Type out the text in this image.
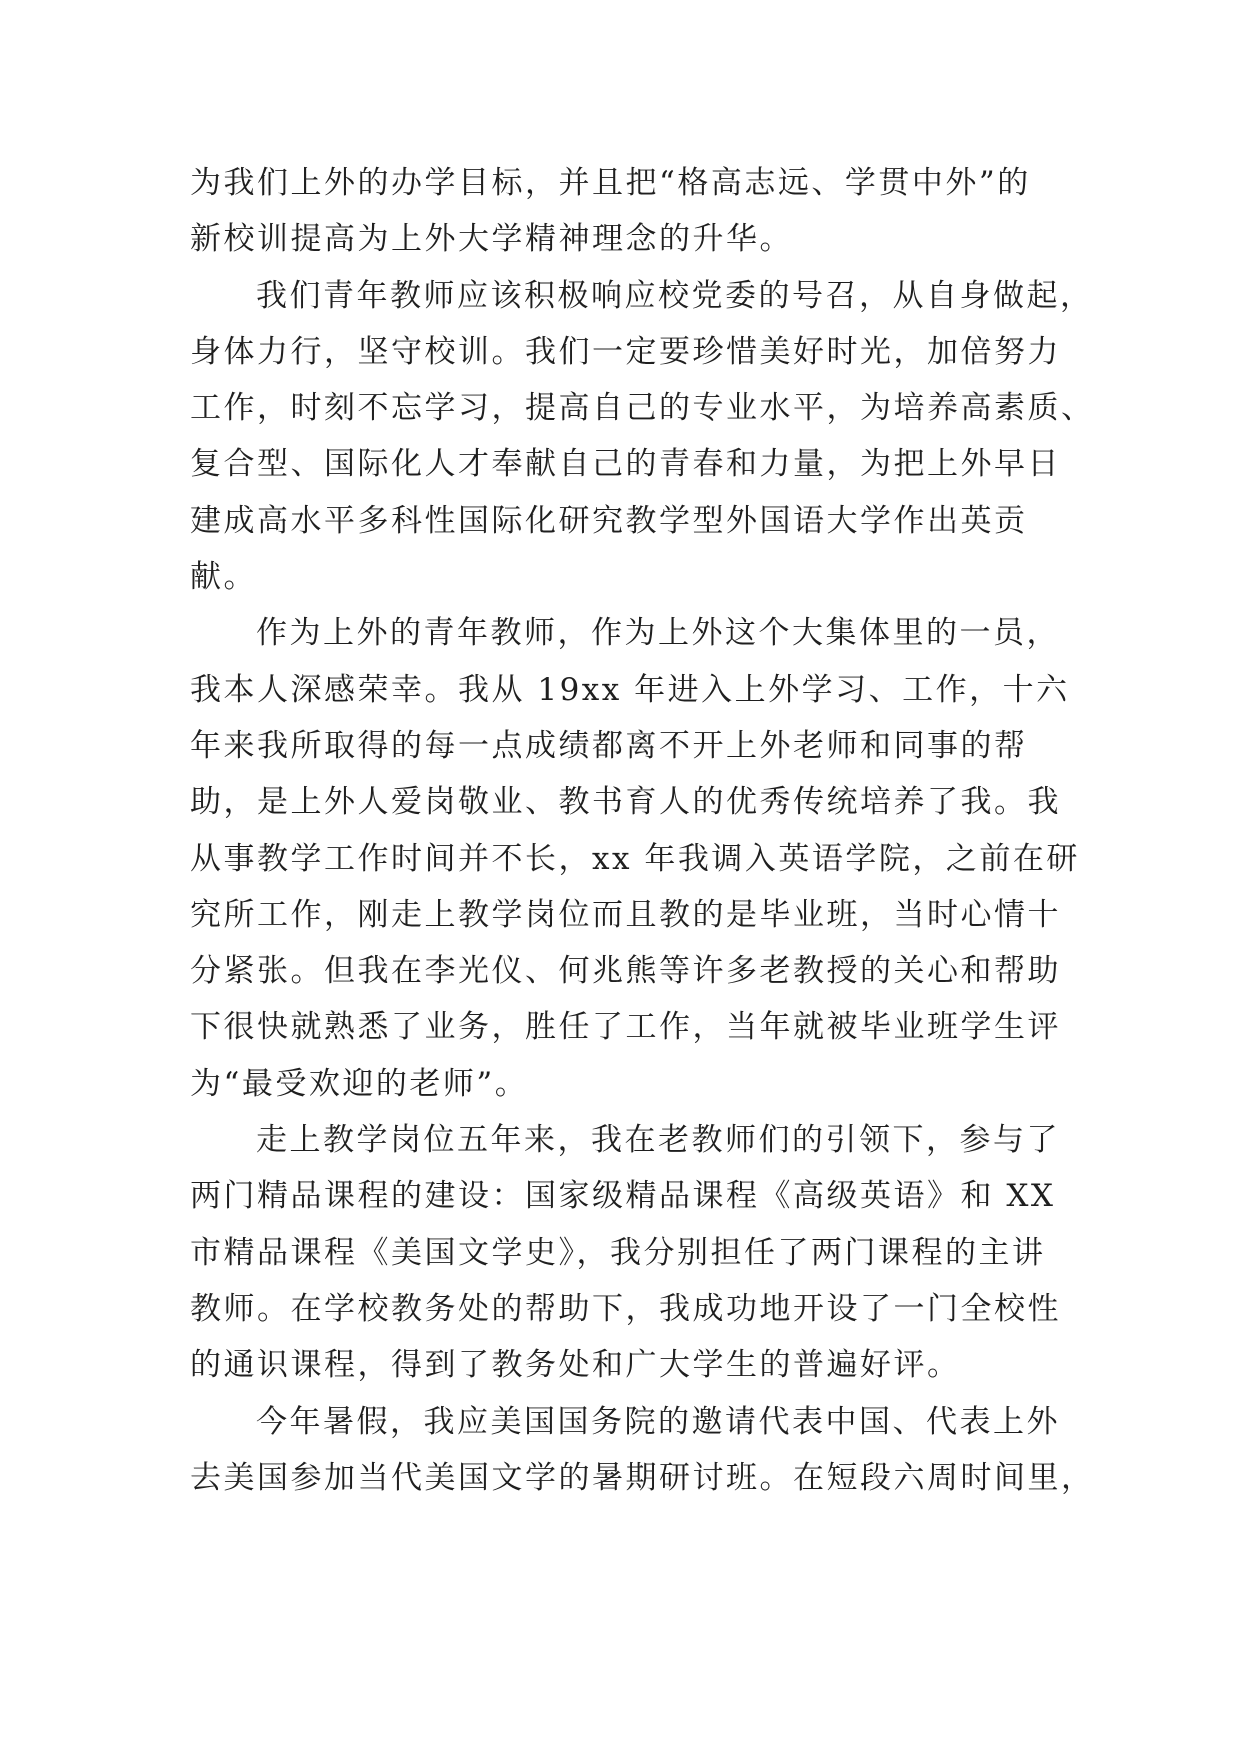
为我们上外的办学目标，并且把“格高志远、学贯中外”的
新校训提高为上外大学精神理念的升华。
我们青年教师应该积极响应校党委的号召，从自身做起，
身体力行，坚守校训。我们一定要珍惜美好时光，加倍努力
工作，时刻不忘学习，提高自己的专业水平，为培养高素质、
复合型、国际化人才奉献自己的青春和力量，为把上外早日
建成高水平多科性国际化研究教学型外国语大学作出英贡
献。
作为上外的青年教师，作为上外这个大集体里的一员，
我本人深感荣幸。我从 19xx 年进入上外学习、工作，十六
年来我所取得的每一点成绩都离不开上外老师和同事的帮
助，是上外人爱岗敬业、教书育人的优秀传统培养了我。我
从事教学工作时间并不长，xx 年我调入英语学院，之前在研
究所工作，刚走上教学岗位而且教的是毕业班，当时心情十
分紧张。但我在李光仪、何兆熊等许多老教授的关心和帮助
下很快就熟悉了业务，胜任了工作，当年就被毕业班学生评
为“最受欢迎的老师”。
走上教学岗位五年来，我在老教师们的引领下，参与了
两门精品课程的建设：国家级精品课程《高级英语》和 XX
市精品课程《美国文学史》，我分别担任了两门课程的主讲
教师。在学校教务处的帮助下，我成功地开设了一门全校性
的通识课程，得到了教务处和广大学生的普遍好评。
今年暑假，我应美国国务院的邀请代表中国、代表上外
去美国参加当代美国文学的暑期研讨班。在短段六周时间里，
